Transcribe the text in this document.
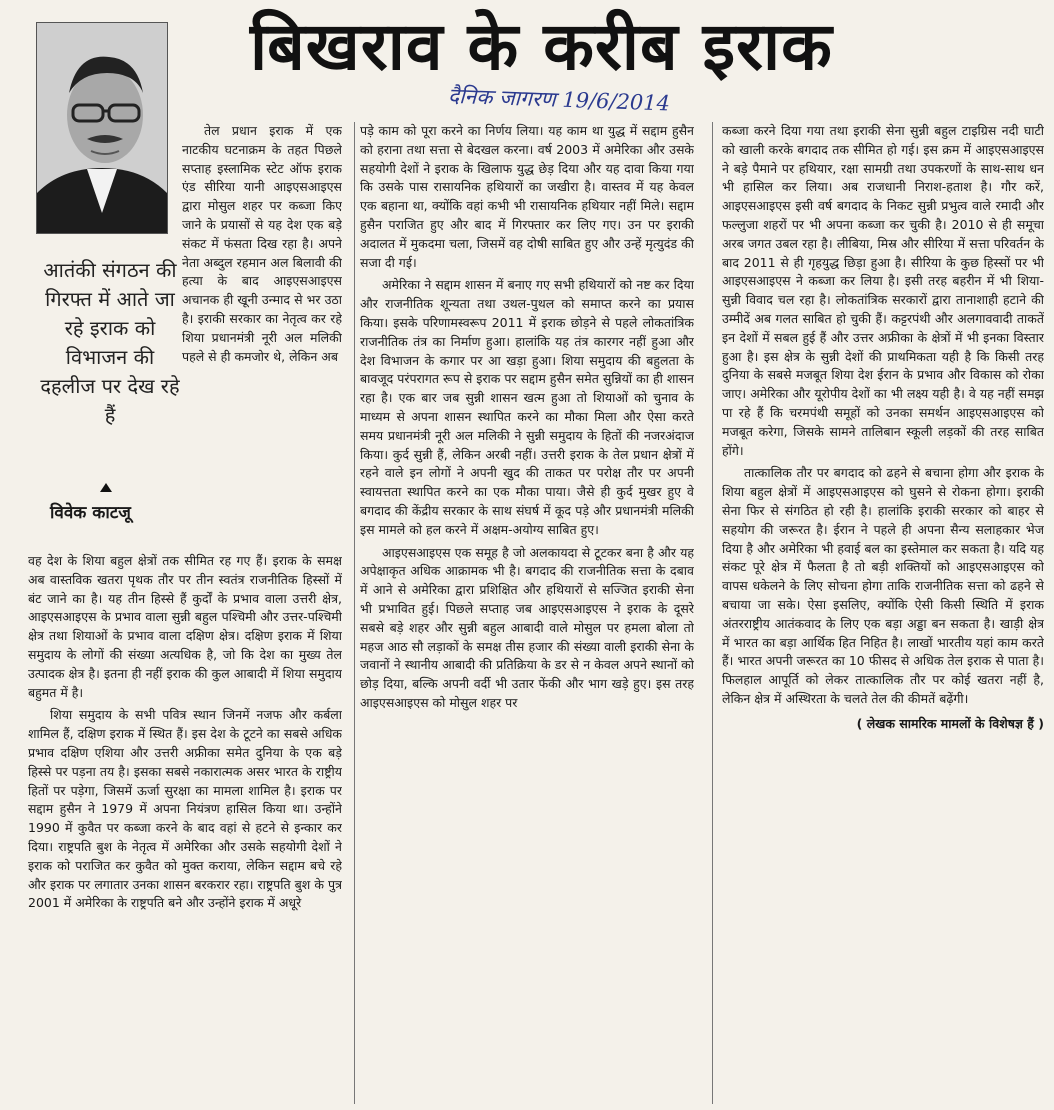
बिखराव के करीब इराक
दैनिक जागरण 19/6/2014
आतंकी संगठन की गिरफ्त में आते जा रहे इराक को विभाजन की दहलीज पर देख रहे हैं
विवेक काटजू

तेल प्रधान इराक में एक नाटकीय घटनाक्रम के तहत पिछले सप्ताह इस्लामिक स्टेट ऑफ इराक एंड सीरिया यानी आइएसआइएस द्वारा मोसुल शहर पर कब्जा किए जाने के प्रयासों से यह देश एक बड़े संकट में फंसता दिख रहा है। अपने नेता अब्दुल रहमान अल बिलावी की हत्या के बाद आइएसआइएस अचानक ही खूनी उन्माद से भर उठा है। इराकी सरकार का नेतृत्व कर रहे शिया प्रधानमंत्री नूरी अल मलिकी पहले से ही कमजोर थे, लेकिन अब

वह देश के शिया बहुल क्षेत्रों तक सीमित रह गए हैं। इराक के समक्ष अब वास्तविक खतरा पृथक तौर पर तीन स्वतंत्र राजनीतिक हिस्सों में बंट जाने का है। यह तीन हिस्से हैं कुर्दों के प्रभाव वाला उत्तरी क्षेत्र, आइएसआइएस के प्रभाव वाला सुन्नी बहुल पश्चिमी और उत्तर-पश्चिमी क्षेत्र तथा शियाओं के प्रभाव वाला दक्षिण क्षेत्र। दक्षिण इराक में शिया समुदाय के लोगों की संख्या अत्यधिक है, जो कि देश का मुख्य तेल उत्पादक क्षेत्र है। इतना ही नहीं इराक की कुल आबादी में शिया समुदाय बहुमत में है।

शिया समुदाय के सभी पवित्र स्थान जिनमें नजफ और कर्बला शामिल हैं, दक्षिण इराक में स्थित हैं। इस देश के टूटने का सबसे अधिक प्रभाव दक्षिण एशिया और उत्तरी अफ्रीका समेत दुनिया के एक बड़े हिस्से पर पड़ना तय है। इसका सबसे नकारात्मक असर भारत के राष्ट्रीय हितों पर पड़ेगा, जिसमें ऊर्जा सुरक्षा का मामला शामिल है। इराक पर सद्दाम हुसैन ने 1979 में अपना नियंत्रण हासिल किया था। उन्होंने 1990 में कुवैत पर कब्जा करने के बाद वहां से हटने से इन्कार कर दिया। राष्ट्रपति बुश के नेतृत्व में अमेरिका और उसके सहयोगी देशों ने इराक को पराजित कर कुवैत को मुक्त कराया, लेकिन सद्दाम बचे रहे और इराक पर लगातार उनका शासन बरकरार रहा। राष्ट्रपति बुश के पुत्र 2001 में अमेरिका के राष्ट्रपति बने और उन्होंने इराक में अधूरे

पड़े काम को पूरा करने का निर्णय लिया। यह काम था युद्ध में सद्दाम हुसैन को हराना तथा सत्ता से बेदखल करना। वर्ष 2003 में अमेरिका और उसके सहयोगी देशों ने इराक के खिलाफ युद्ध छेड़ दिया और यह दावा किया गया कि उसके पास रासायनिक हथियारों का जखीरा है। वास्तव में यह केवल एक बहाना था, क्योंकि वहां कभी भी रासायनिक हथियार नहीं मिले। सद्दाम हुसैन पराजित हुए और बाद में गिरफ्तार कर लिए गए। उन पर इराकी अदालत में मुकदमा चला, जिसमें वह दोषी साबित हुए और उन्हें मृत्युदंड की सजा दी गई।

अमेरिका ने सद्दाम शासन में बनाए गए सभी हथियारों को नष्ट कर दिया और राजनीतिक शून्यता तथा उथल-पुथल को समाप्त करने का प्रयास किया। इसके परिणामस्वरूप 2011 में इराक छोड़ने से पहले लोकतांत्रिक राजनीतिक तंत्र का निर्माण हुआ। हालांकि यह तंत्र कारगर नहीं हुआ और देश विभाजन के कगार पर आ खड़ा हुआ। शिया समुदाय की बहुलता के बावजूद परंपरागत रूप से इराक पर सद्दाम हुसैन समेत सुन्नियों का ही शासन रहा है। एक बार जब सुन्नी शासन खत्म हुआ तो शियाओं को चुनाव के माध्यम से अपना शासन स्थापित करने का मौका मिला और ऐसा करते समय प्रधानमंत्री नूरी अल मलिकी ने सुन्नी समुदाय के हितों की नजरअंदाज किया। कुर्द सुन्नी हैं, लेकिन अरबी नहीं। उत्तरी इराक के तेल प्रधान क्षेत्रों में रहने वाले इन लोगों ने अपनी खुद की ताकत पर परोक्ष तौर पर अपनी स्वायत्तता स्थापित करने का एक मौका पाया। जैसे ही कुर्द मुखर हुए वे बगदाद की केंद्रीय सरकार के साथ संघर्ष में कूद पड़े और प्रधानमंत्री मलिकी इस मामले को हल करने में अक्षम-अयोग्य साबित हुए।

आइएसआइएस एक समूह है जो अलकायदा से टूटकर बना है और यह अपेक्षाकृत अधिक आक्रामक भी है। बगदाद की राजनीतिक सत्ता के दबाव में आने से अमेरिका द्वारा प्रशिक्षित और हथियारों से सज्जित इराकी सेना भी प्रभावित हुई। पिछले सप्ताह जब आइएसआइएस ने इराक के दूसरे सबसे बड़े शहर और सुन्नी बहुल आबादी वाले मोसुल पर हमला बोला तो महज आठ सौ लड़ाकों के समक्ष तीस हजार की संख्या वाली इराकी सेना के जवानों ने स्थानीय आबादी की प्रतिक्रिया के डर से न केवल अपने स्थानों को छोड़ दिया, बल्कि अपनी वर्दी भी उतार फेंकी और भाग खड़े हुए। इस तरह आइएसआइएस को मोसुल शहर पर

कब्जा करने दिया गया तथा इराकी सेना सुन्नी बहुल टाइग्रिस नदी घाटी को खाली करके बगदाद तक सीमित हो गई। इस क्रम में आइएसआइएस ने बड़े पैमाने पर हथियार, रक्षा सामग्री तथा उपकरणों के साथ-साथ धन भी हासिल कर लिया। अब राजधानी निराश-हताश है। गौर करें, आइएसआइएस इसी वर्ष बगदाद के निकट सुन्नी प्रभुत्व वाले रमादी और फल्लुजा शहरों पर भी अपना कब्जा कर चुकी है। 2010 से ही समूचा अरब जगत उबल रहा है। लीबिया, मिस्र और सीरिया में सत्ता परिवर्तन के बाद 2011 से ही गृहयुद्ध छिड़ा हुआ है। सीरिया के कुछ हिस्सों पर भी आइएसआइएस ने कब्जा कर लिया है। इसी तरह बहरीन में भी शिया-सुन्नी विवाद चल रहा है। लोकतांत्रिक सरकारों द्वारा तानाशाही हटाने की उम्मीदें अब गलत साबित हो चुकी हैं। कट्टरपंथी और अलगाववादी ताकतें इन देशों में सबल हुई हैं और उत्तर अफ्रीका के क्षेत्रों में भी इनका विस्तार हुआ है। इस क्षेत्र के सुन्नी देशों की प्राथमिकता यही है कि किसी तरह दुनिया के सबसे मजबूत शिया देश ईरान के प्रभाव और विकास को रोका जाए। अमेरिका और यूरोपीय देशों का भी लक्ष्य यही है। वे यह नहीं समझ पा रहे हैं कि चरमपंथी समूहों को उनका समर्थन आइएसआइएस को मजबूत करेगा, जिसके सामने तालिबान स्कूली लड़कों की तरह साबित होंगे।

तात्कालिक तौर पर बगदाद को ढहने से बचाना होगा और इराक के शिया बहुल क्षेत्रों में आइएसआइएस को घुसने से रोकना होगा। इराकी सेना फिर से संगठित हो रही है। हालांकि इराकी सरकार को बाहर से सहयोग की जरूरत है। ईरान ने पहले ही अपना सैन्य सलाहकार भेज दिया है और अमेरिका भी हवाई बल का इस्तेमाल कर सकता है। यदि यह संकट पूरे क्षेत्र में फैलता है तो बड़ी शक्तियों को आइएसआइएस को वापस धकेलने के लिए सोचना होगा ताकि राजनीतिक सत्ता को ढहने से बचाया जा सके। ऐसा इसलिए, क्योंकि ऐसी किसी स्थिति में इराक अंतरराष्ट्रीय आतंकवाद के लिए एक बड़ा अड्डा बन सकता है। खाड़ी क्षेत्र में भारत का बड़ा आर्थिक हित निहित है। लाखों भारतीय यहां काम करते हैं। भारत अपनी जरूरत का 10 फीसद से अधिक तेल इराक से पाता है। फिलहाल आपूर्ति को लेकर तात्कालिक तौर पर कोई खतरा नहीं है, लेकिन क्षेत्र में अस्थिरता के चलते तेल की कीमतें बढ़ेंगी।

( लेखक सामरिक मामलों के विशेषज्ञ हैं )
